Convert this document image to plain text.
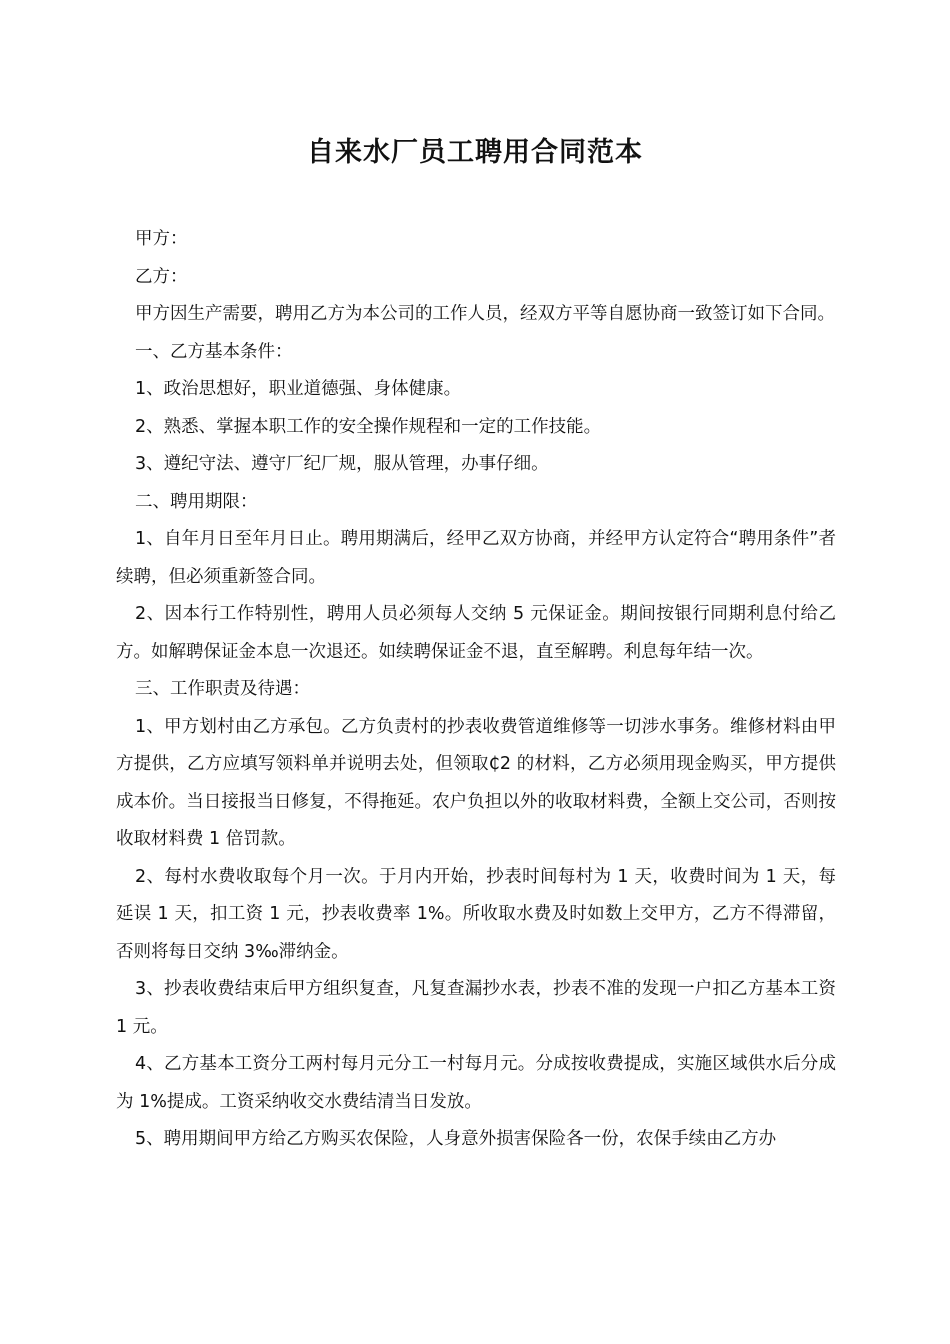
自来水厂员工聘用合同范本

甲方：

乙方：

甲方因生产需要，聘用乙方为本公司的工作人员，经双方平等自愿协商一致签订如下合同。

一、乙方基本条件：

1、政治思想好，职业道德强、身体健康。

2、熟悉、掌握本职工作的安全操作规程和一定的工作技能。

3、遵纪守法、遵守厂纪厂规，服从管理，办事仔细。

二、聘用期限：

1、自年月日至年月日止。聘用期满后，经甲乙双方协商，并经甲方认定符合“聘用条件”者续聘，但必须重新签合同。

2、因本行工作特别性，聘用人员必须每人交纳 5 元保证金。期间按银行同期利息付给乙方。如解聘保证金本息一次退还。如续聘保证金不退，直至解聘。利息每年结一次。

三、工作职责及待遇：

1、甲方划村由乙方承包。乙方负责村的抄表收费管道维修等一切涉水事务。维修材料由甲方提供，乙方应填写领料单并说明去处，但领取₵2 的材料，乙方必须用现金购买，甲方提供成本价。当日接报当日修复，不得拖延。农户负担以外的收取材料费，全额上交公司，否则按收取材料费 1 倍罚款。

2、每村水费收取每个月一次。于月内开始，抄表时间每村为 1 天，收费时间为 1 天，每延误 1 天，扣工资 1 元，抄表收费率 1%。所收取水费及时如数上交甲方，乙方不得滞留，否则将每日交纳 3‰滞纳金。

3、抄表收费结束后甲方组织复查，凡复查漏抄水表，抄表不准的发现一户扣乙方基本工资 1 元。

4、乙方基本工资分工两村每月元分工一村每月元。分成按收费提成，实施区域供水后分成为 1%提成。工资采纳收交水费结清当日发放。

5、聘用期间甲方给乙方购买农保险，人身意外损害保险各一份，农保手续由乙方办
